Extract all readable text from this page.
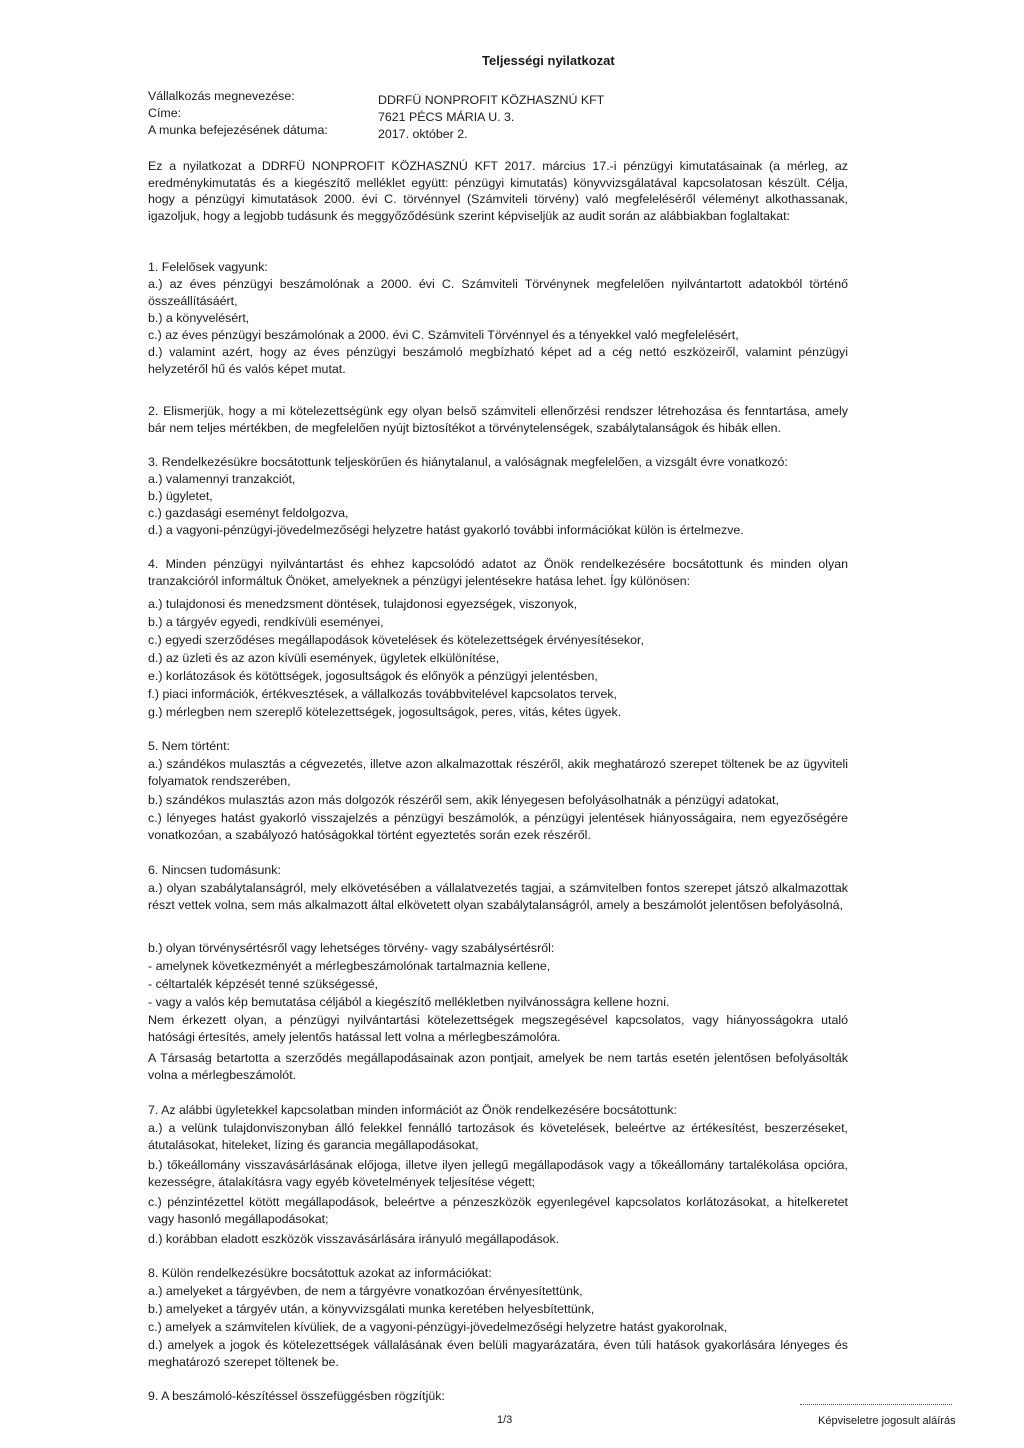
Teljességi nyilatkozat
Vállalkozás megnevezése:	DDRFÜ NONPROFIT KÖZHASZNÚ KFT
Címe:	7621 PÉCS MÁRIA U. 3.
A munka befejezésének dátuma:	2017. október 2.
Ez a nyilatkozat a DDRFÜ NONPROFIT KÖZHASZNÚ KFT 2017. március 17.-i pénzügyi kimutatásainak (a mérleg, az eredménykimutatás és a kiegészítő melléklet együtt: pénzügyi kimutatás) könyvvizsgálatával kapcsolatosan készült. Célja, hogy a pénzügyi kimutatások 2000. évi C. törvénnyel (Számviteli törvény) való megfeleléséről véleményt alkothassanak, igazoljuk, hogy a legjobb tudásunk és meggyőződésünk szerint képviseljük az audit során az alábbiakban foglaltakat:
1. Felelősek vagyunk:
a.) az éves pénzügyi beszámolónak a 2000. évi C. Számviteli Törvénynek megfelelően nyilvántartott adatokból történő összeállításáért,
b.) a könyvelésért,
c.) az éves pénzügyi beszámolónak a 2000. évi C. Számviteli Törvénnyel és a tényekkel való megfelelésért,
d.) valamint azért, hogy az éves pénzügyi beszámoló megbízható képet ad a cég nettó eszközeiről, valamint pénzügyi helyzetéről hű és valós képet mutat.
2. Elismerjük, hogy a mi kötelezettségünk egy olyan belső számviteli ellenőrzési rendszer létrehozása és fenntartása, amely bár nem teljes mértékben, de megfelelően nyújt biztosítékot a törvénytelenségek, szabálytalanságok és hibák ellen.
3. Rendelkezésükre bocsátottunk teljeskörűen és hiánytalanul, a valóságnak megfelelően, a vizsgált évre vonatkozó:
a.) valamennyi tranzakciót,
b.) ügyletet,
c.) gazdasági eseményt feldolgozva,
d.) a vagyoni-pénzügyi-jövedelmezőségi helyzetre hatást gyakorló további információkat külön is értelmezve.
4. Minden pénzügyi nyilvántartást és ehhez kapcsolódó adatot az Önök rendelkezésére bocsátottunk és minden olyan tranzakcióról informáltuk Önöket, amelyeknek a pénzügyi jelentésekre hatása lehet. Így különösen:
a.) tulajdonosi és menedzsment döntések, tulajdonosi egyezségek, viszonyok,
b.) a tárgyév egyedi, rendkívüli eseményei,
c.) egyedi szerződéses megállapodások követelések és kötelezettségek érvényesítésekor,
d.) az üzleti és az azon kívüli események, ügyletek elkülönítése,
e.) korlátozások és kötöttségek, jogosultságok és előnyök a pénzügyi jelentésben,
f.) piaci információk, értékvesztések, a vállalkozás továbbvitelével kapcsolatos tervek,
g.) mérlegben nem szereplő kötelezettségek, jogosultságok, peres, vitás, kétes ügyek.
5. Nem történt:
a.) szándékos mulasztás a cégvezetés, illetve azon alkalmazottak részéről, akik meghatározó szerepet töltenek be az ügyviteli folyamatok rendszerében,
b.) szándékos mulasztás azon más dolgozók részéről sem, akik lényegesen befolyásolhatnák a pénzügyi adatokat,
c.) lényeges hatást gyakorló visszajelzés a pénzügyi beszámolók, a pénzügyi jelentések hiányosságaira, nem egyezőségére vonatkozóan, a szabályozó hatóságokkal történt egyeztetés során ezek részéről.
6. Nincsen tudomásunk:
a.) olyan szabálytalanságról, mely elkövetésében a vállalatvezetés tagjai, a számvitelben fontos szerepet játszó alkalmazottak részt vettek volna, sem más alkalmazott által elkövetett olyan szabálytalanságról, amely a beszámolót jelentősen befolyásolná,
b.) olyan törvénysértésről vagy lehetséges törvény- vagy szabálysértésről:
- amelynek következményét a mérlegbeszámolónak tartalmaznia kellene,
- céltartalék képzését tenné szükségessé,
- vagy a valós kép bemutatása céljából a kiegészítő mellékletben nyilvánosságra kellene hozni.
Nem érkezett olyan, a pénzügyi nyilvántartási kötelezettségek megszegésével kapcsolatos, vagy hiányosságokra utaló hatósági értesítés, amely jelentős hatással lett volna a mérlegbeszámolóra.
A Társaság betartotta a szerződés megállapodásainak azon pontjait, amelyek be nem tartás esetén jelentősen befolyásolták volna a mérlegbeszámolót.
7. Az alábbi ügyletekkel kapcsolatban minden információt az Önök rendelkezésére bocsátottunk:
a.) a velünk tulajdonviszonyban álló felekkel fennálló tartozások és követelések, beleértve az értékesítést, beszerzéseket, átutalásokat, hiteleket, lízing és garancia megállapodásokat,
b.) tőkeállomány visszavásárlásának előjoga, illetve ilyen jellegű megállapodások vagy a tőkeállomány tartalékolása opcióra, kezességre, átalakításra vagy egyéb követelmények teljesítése végett;
c.) pénzintézettel kötött megállapodások, beleértve a pénzeszközök egyenlegével kapcsolatos korlátozásokat, a hitelkeretet vagy hasonló megállapodásokat;
d.) korábban eladott eszközök visszavásárlására irányuló megállapodások.
8. Külön rendelkezésükre bocsátottuk azokat az információkat:
a.) amelyeket a tárgyévben, de nem a tárgyévre vonatkozóan érvényesítettünk,
b.) amelyeket a tárgyév után, a könyvvizsgálati munka keretében helyesbítettünk,
c.) amelyek a számvitelen kívüliek, de a vagyoni-pénzügyi-jövedelmezőségi helyzetre hatást gyakorolnak,
d.) amelyek a jogok és kötelezettségek vállalásának éven belüli magyarázatára, éven túli hatások gyakorlására lényeges és meghatározó szerepet töltenek be.
9. A beszámoló-készítéssel összefüggésben rögzítjük:
1/3	Képviseletre jogosult aláírás
